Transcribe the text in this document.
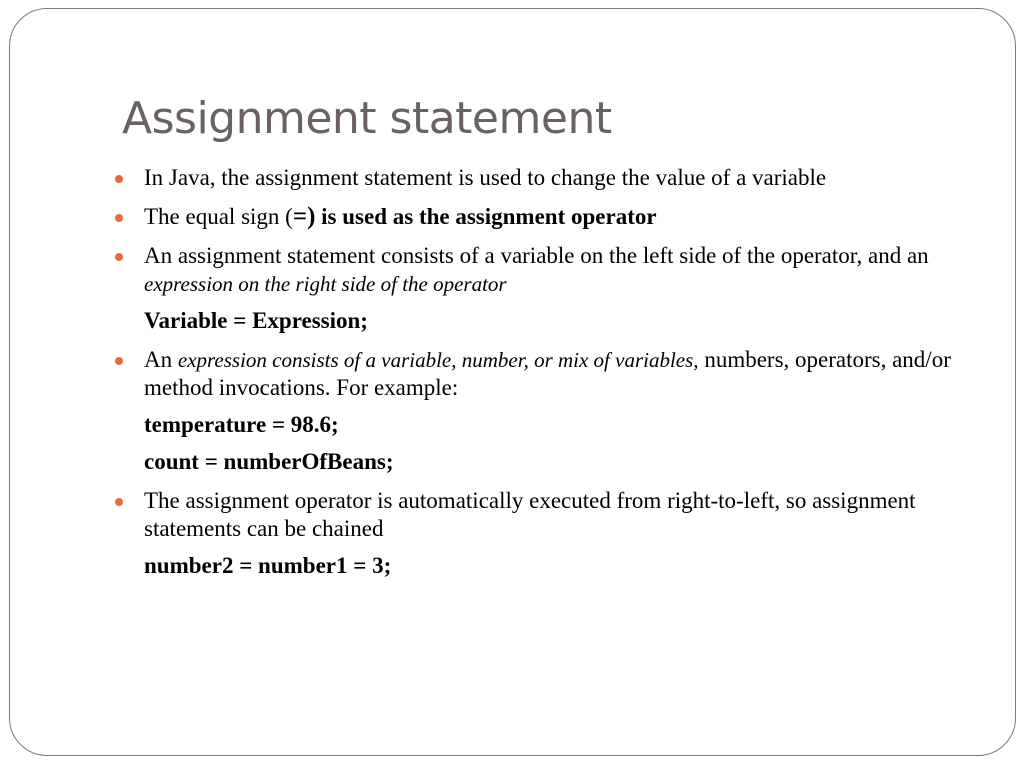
Assignment statement
In Java, the assignment statement is used to change the value of a variable
The equal sign (=) is used as the assignment operator
An assignment statement consists of a variable on the left side of the operator, and an expression on the right side of the operator
Variable = Expression;
An expression consists of a variable, number, or mix of variables, numbers, operators, and/or method invocations. For example:
temperature = 98.6;
count = numberOfBeans;
The assignment operator is automatically executed from right-to-left, so assignment statements can be chained
number2 = number1 = 3;
